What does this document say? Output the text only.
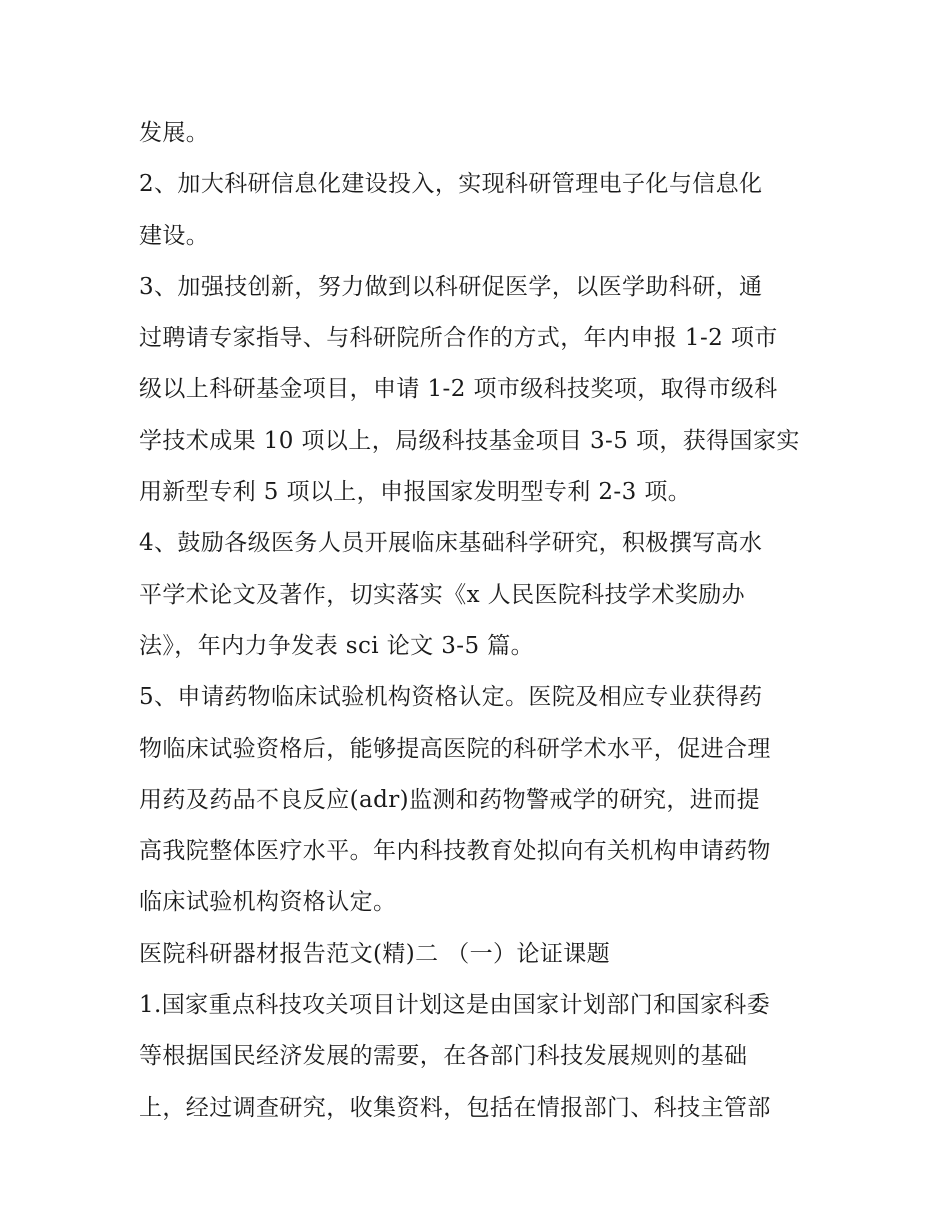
发展。
2、加大科研信息化建设投入，实现科研管理电子化与信息化
建设。
3、加强技创新，努力做到以科研促医学，以医学助科研，通
过聘请专家指导、与科研院所合作的方式，年内申报 1-2 项市
级以上科研基金项目，申请 1-2 项市级科技奖项，取得市级科
学技术成果 10 项以上，局级科技基金项目 3-5 项，获得国家实
用新型专利 5 项以上，申报国家发明型专利 2-3 项。
4、鼓励各级医务人员开展临床基础科学研究，积极撰写高水
平学术论文及著作，切实落实《x 人民医院科技学术奖励办
法》，年内力争发表 sci 论文 3-5 篇。
5、申请药物临床试验机构资格认定。医院及相应专业获得药
物临床试验资格后，能够提高医院的科研学术水平，促进合理
用药及药品不良反应(adr)监测和药物警戒学的研究，进而提
高我院整体医疗水平。年内科技教育处拟向有关机构申请药物
临床试验机构资格认定。
医院科研器材报告范文(精)二 （一）论证课题
1.国家重点科技攻关项目计划这是由国家计划部门和国家科委
等根据国民经济发展的需要，在各部门科技发展规则的基础
上，经过调查研究，收集资料，包括在情报部门、科技主管部
